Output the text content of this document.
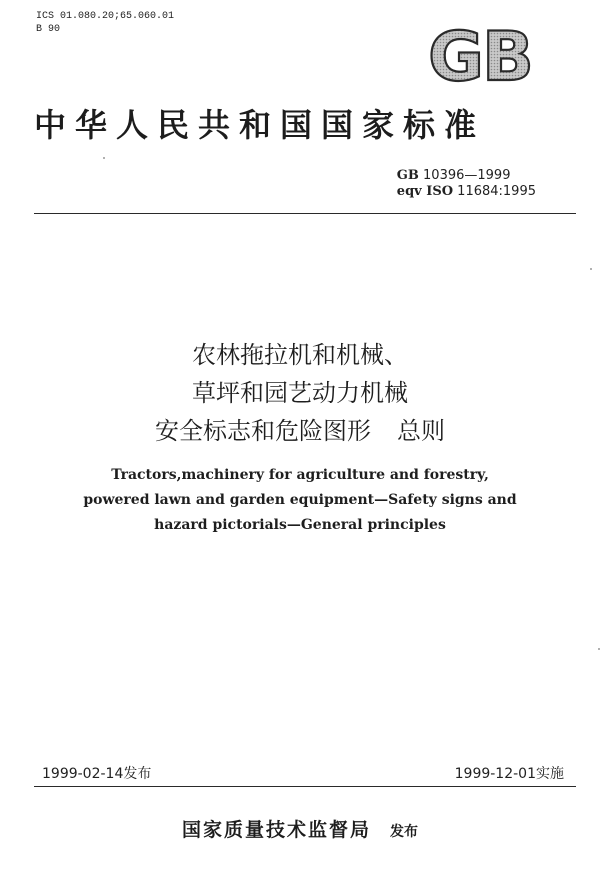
ICS 01.080.20;65.060.01
B 90	GB
中华人民共和国国家标准
GB 10396—1999
eqv ISO 11684:1995
农林拖拉机和机械、
草坪和园艺动力机械
安全标志和危险图形 总则
Tractors,machinery for agriculture and forestry,
powered lawn and garden equipment—Safety signs and
hazard pictorials—General principles
1999-02-14发布	1999-12-01实施
国家质量技术监督局 发布
